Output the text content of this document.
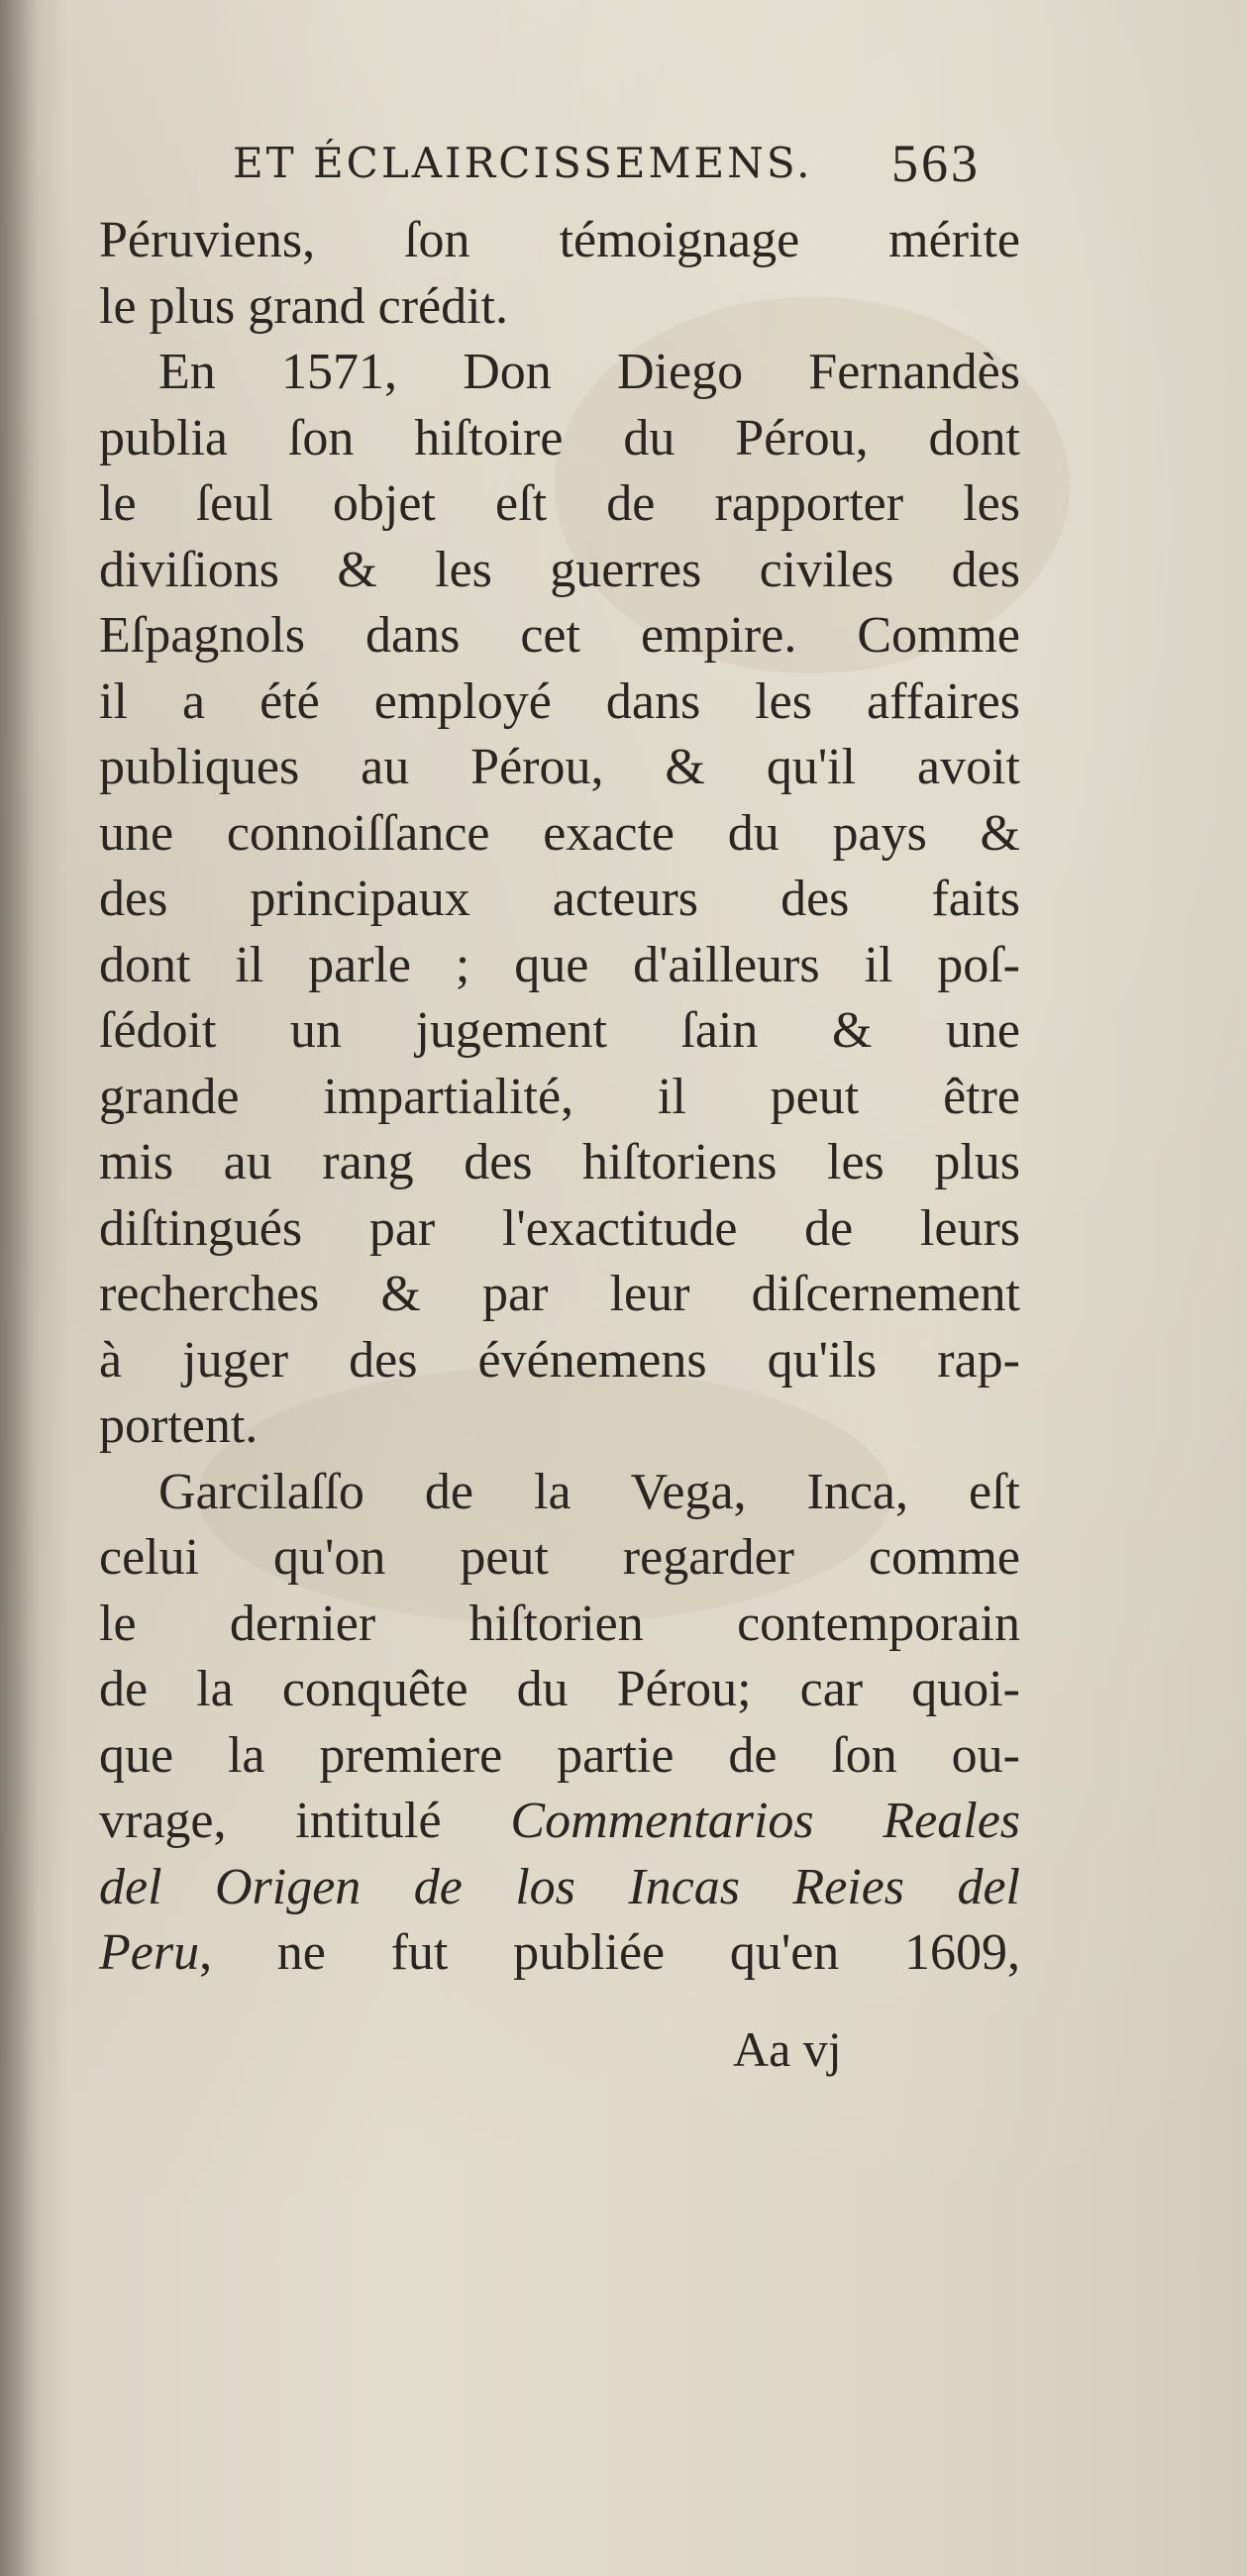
ET ÉCLAIRCISSEMENS. 563
Péruviens, ſon témoignage mérite
le plus grand crédit.
En 1571, Don Diego Fernandès
publia ſon hiſtoire du Pérou, dont
le ſeul objet eſt de rapporter les
diviſions & les guerres civiles des
Eſpagnols dans cet empire. Comme
il a été employé dans les affaires
publiques au Pérou, & qu'il avoit
une connoiſſance exacte du pays &
des principaux acteurs des faits
dont il parle ; que d'ailleurs il poſ-
ſédoit un jugement ſain & une
grande impartialité, il peut être
mis au rang des hiſtoriens les plus
diſtingués par l'exactitude de leurs
recherches & par leur diſcernement
à juger des événemens qu'ils rap-
portent.
Garcilaſſo de la Vega, Inca, eſt
celui qu'on peut regarder comme
le dernier hiſtorien contemporain
de la conquête du Pérou; car quoi-
que la premiere partie de ſon ou-
vrage, intitulé Commentarios Reales
del Origen de los Incas Reies del
Peru, ne fut publiée qu'en 1609,
Aa vj
